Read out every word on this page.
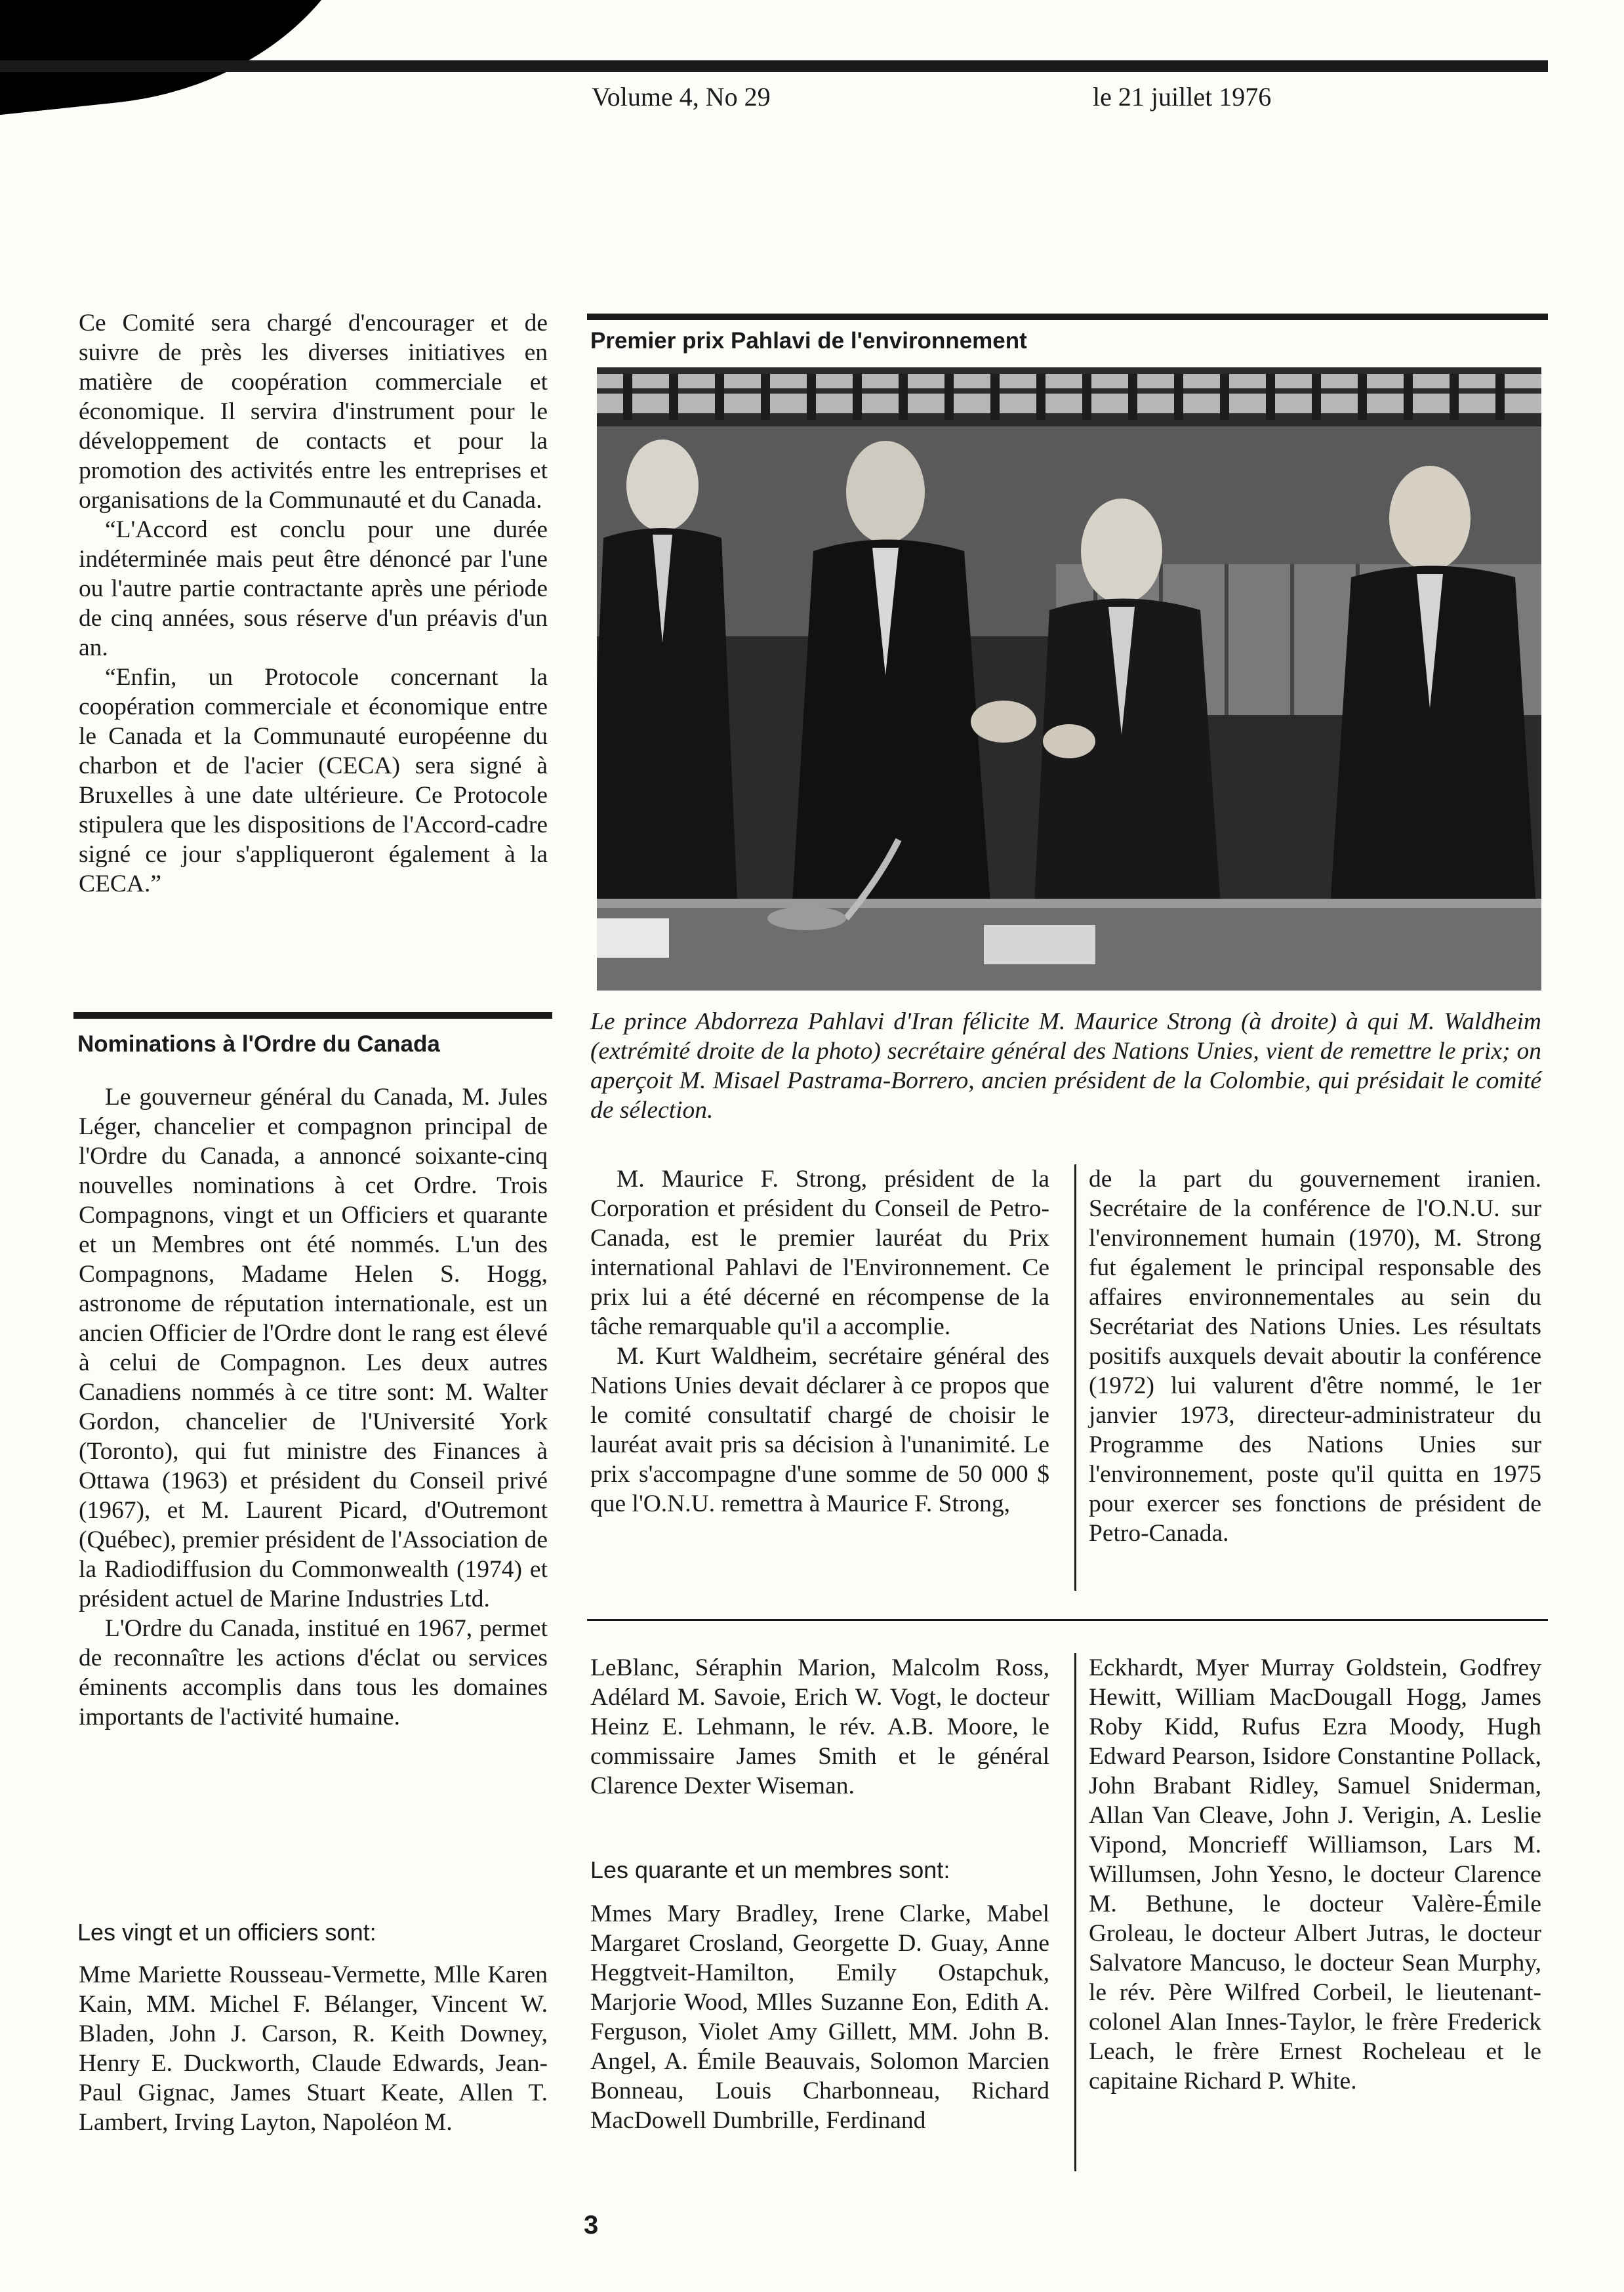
Volume 4, No 29	le 21 juillet 1976

Ce Comité sera chargé d'encourager et de suivre de près les diverses initiatives en matière de coopération commerciale et économique. Il servira d'instrument pour le développement de contacts et pour la promotion des activités entre les entreprises et organisations de la Communauté et du Canada.

“L'Accord est conclu pour une durée indéterminée mais peut être dénoncé par l'une ou l'autre partie contractante après une période de cinq années, sous réserve d'un préavis d'un an.

“Enfin, un Protocole concernant la coopération commerciale et économique entre le Canada et la Communauté européenne du charbon et de l'acier (CECA) sera signé à Bruxelles à une date ultérieure. Ce Protocole stipulera que les dispositions de l'Accord-cadre signé ce jour s'appliqueront également à la CECA.”

Nominations à l'Ordre du Canada

Le gouverneur général du Canada, M. Jules Léger, chancelier et compagnon principal de l'Ordre du Canada, a annoncé soixante-cinq nouvelles nominations à cet Ordre. Trois Compagnons, vingt et un Officiers et quarante et un Membres ont été nommés. L'un des Compagnons, Madame Helen S. Hogg, astronome de réputation internationale, est un ancien Officier de l'Ordre dont le rang est élevé à celui de Compagnon. Les deux autres Canadiens nommés à ce titre sont: M. Walter Gordon, chancelier de l'Université York (Toronto), qui fut ministre des Finances à Ottawa (1963) et président du Conseil privé (1967), et M. Laurent Picard, d'Outremont (Québec), premier président de l'Association de la Radiodiffusion du Commonwealth (1974) et président actuel de Marine Industries Ltd.

L'Ordre du Canada, institué en 1967, permet de reconnaître les actions d'éclat ou services éminents accomplis dans tous les domaines importants de l'activité humaine.

Les vingt et un officiers sont:

Mme Mariette Rousseau-Vermette, Mlle Karen Kain, MM. Michel F. Bélanger, Vincent W. Bladen, John J. Carson, R. Keith Downey, Henry E. Duckworth, Claude Edwards, Jean-Paul Gignac, James Stuart Keate, Allen T. Lambert, Irving Layton, Napoléon M.

Premier prix Pahlavi de l'environnement
Le prince Abdorreza Pahlavi d'Iran félicite M. Maurice Strong (à droite) à qui M. Waldheim (extrémité droite de la photo) secrétaire général des Nations Unies, vient de remettre le prix; on aperçoit M. Misael Pastrama-Borrero, ancien président de la Colombie, qui présidait le comité de sélection.

M. Maurice F. Strong, président de la Corporation et président du Conseil de Petro-Canada, est le premier lauréat du Prix international Pahlavi de l'Environnement. Ce prix lui a été décerné en récompense de la tâche remarquable qu'il a accomplie.

M. Kurt Waldheim, secrétaire général des Nations Unies devait déclarer à ce propos que le comité consultatif chargé de choisir le lauréat avait pris sa décision à l'unanimité. Le prix s'accompagne d'une somme de 50 000 $ que l'O.N.U. remettra à Maurice F. Strong,

de la part du gouvernement iranien. Secrétaire de la conférence de l'O.N.U. sur l'environnement humain (1970), M. Strong fut également le principal responsable des affaires environnementales au sein du Secrétariat des Nations Unies. Les résultats positifs auxquels devait aboutir la conférence (1972) lui valurent d'être nommé, le 1er janvier 1973, directeur-administrateur du Programme des Nations Unies sur l'environnement, poste qu'il quitta en 1975 pour exercer ses fonctions de président de Petro-Canada.

LeBlanc, Séraphin Marion, Malcolm Ross, Adélard M. Savoie, Erich W. Vogt, le docteur Heinz E. Lehmann, le rév. A.B. Moore, le commissaire James Smith et le général Clarence Dexter Wiseman.

Les quarante et un membres sont:

Mmes Mary Bradley, Irene Clarke, Mabel Margaret Crosland, Georgette D. Guay, Anne Heggtveit-Hamilton, Emily Ostapchuk, Marjorie Wood, Mlles Suzanne Eon, Edith A. Ferguson, Violet Amy Gillett, MM. John B. Angel, A. Émile Beauvais, Solomon Marcien Bonneau, Louis Charbonneau, Richard MacDowell Dumbrille, Ferdinand

Eckhardt, Myer Murray Goldstein, Godfrey Hewitt, William MacDougall Hogg, James Roby Kidd, Rufus Ezra Moody, Hugh Edward Pearson, Isidore Constantine Pollack, John Brabant Ridley, Samuel Sniderman, Allan Van Cleave, John J. Verigin, A. Leslie Vipond, Moncrieff Williamson, Lars M. Willumsen, John Yesno, le docteur Clarence M. Bethune, le docteur Valère-Émile Groleau, le docteur Albert Jutras, le docteur Salvatore Mancuso, le docteur Sean Murphy, le rév. Père Wilfred Corbeil, le lieutenant-colonel Alan Innes-Taylor, le frère Frederick Leach, le frère Ernest Rocheleau et le capitaine Richard P. White.

3
